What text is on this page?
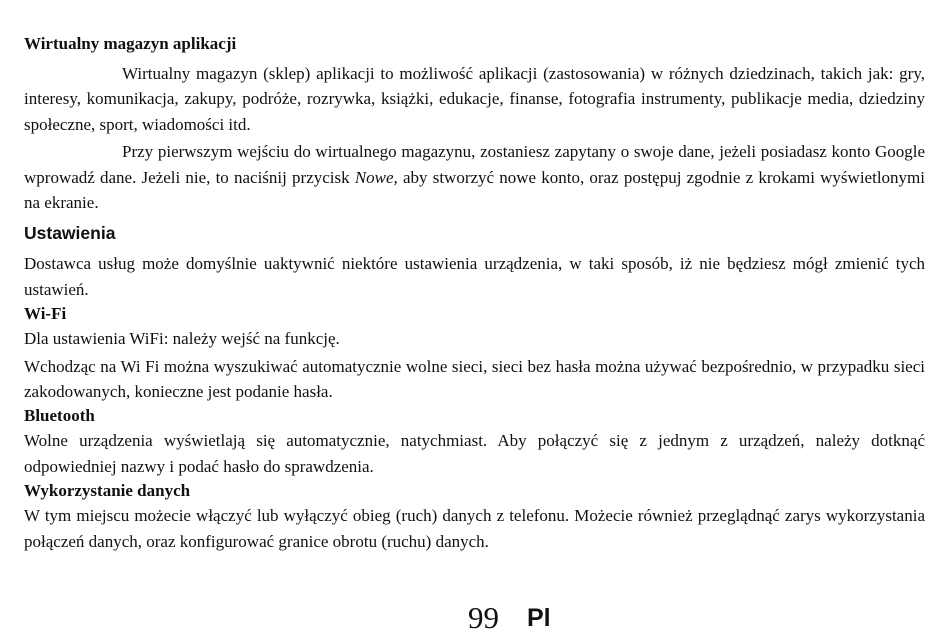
Wirtualny magazyn aplikacji

Wirtualny magazyn (sklep) aplikacji to możliwość aplikacji (zastosowania) w różnych dziedzinach, takich jak: gry, interesy, komunikacja, zakupy, podróże, rozrywka, książki, edukacje, finanse, fotografia instrumenty, publikacje media, dziedziny społeczne, sport, wiadomości itd.

Przy pierwszym wejściu do wirtualnego magazynu, zostaniesz zapytany o swoje dane, jeżeli posiadasz konto Google wprowadź dane. Jeżeli nie, to naciśnij przycisk Nowe, aby stworzyć nowe konto, oraz postępuj zgodnie z krokami wyświetlonymi na ekranie.

Ustawienia

Dostawca usług może domyślnie uaktywnić niektóre ustawienia urządzenia, w taki sposób, iż nie będziesz mógł zmienić tych ustawień.

Wi-Fi

Dla ustawienia WiFi: należy wejść na funkcję.

Wchodząc na Wi Fi można wyszukiwać automatycznie wolne sieci, sieci bez hasła można używać bezpośrednio, w przypadku sieci zakodowanych, konieczne jest podanie hasła.

Bluetooth

Wolne urządzenia wyświetlają się automatycznie, natychmiast. Aby połączyć się z jednym z urządzeń, należy dotknąć odpowiedniej nazwy i podać hasło do sprawdzenia.

Wykorzystanie danych

W tym miejscu możecie włączyć lub wyłączyć obieg (ruch) danych z telefonu. Możecie również przeglądnąć zarys wykorzystania połączeń danych, oraz konfigurować granice obrotu (ruchu) danych.

99 Pl
